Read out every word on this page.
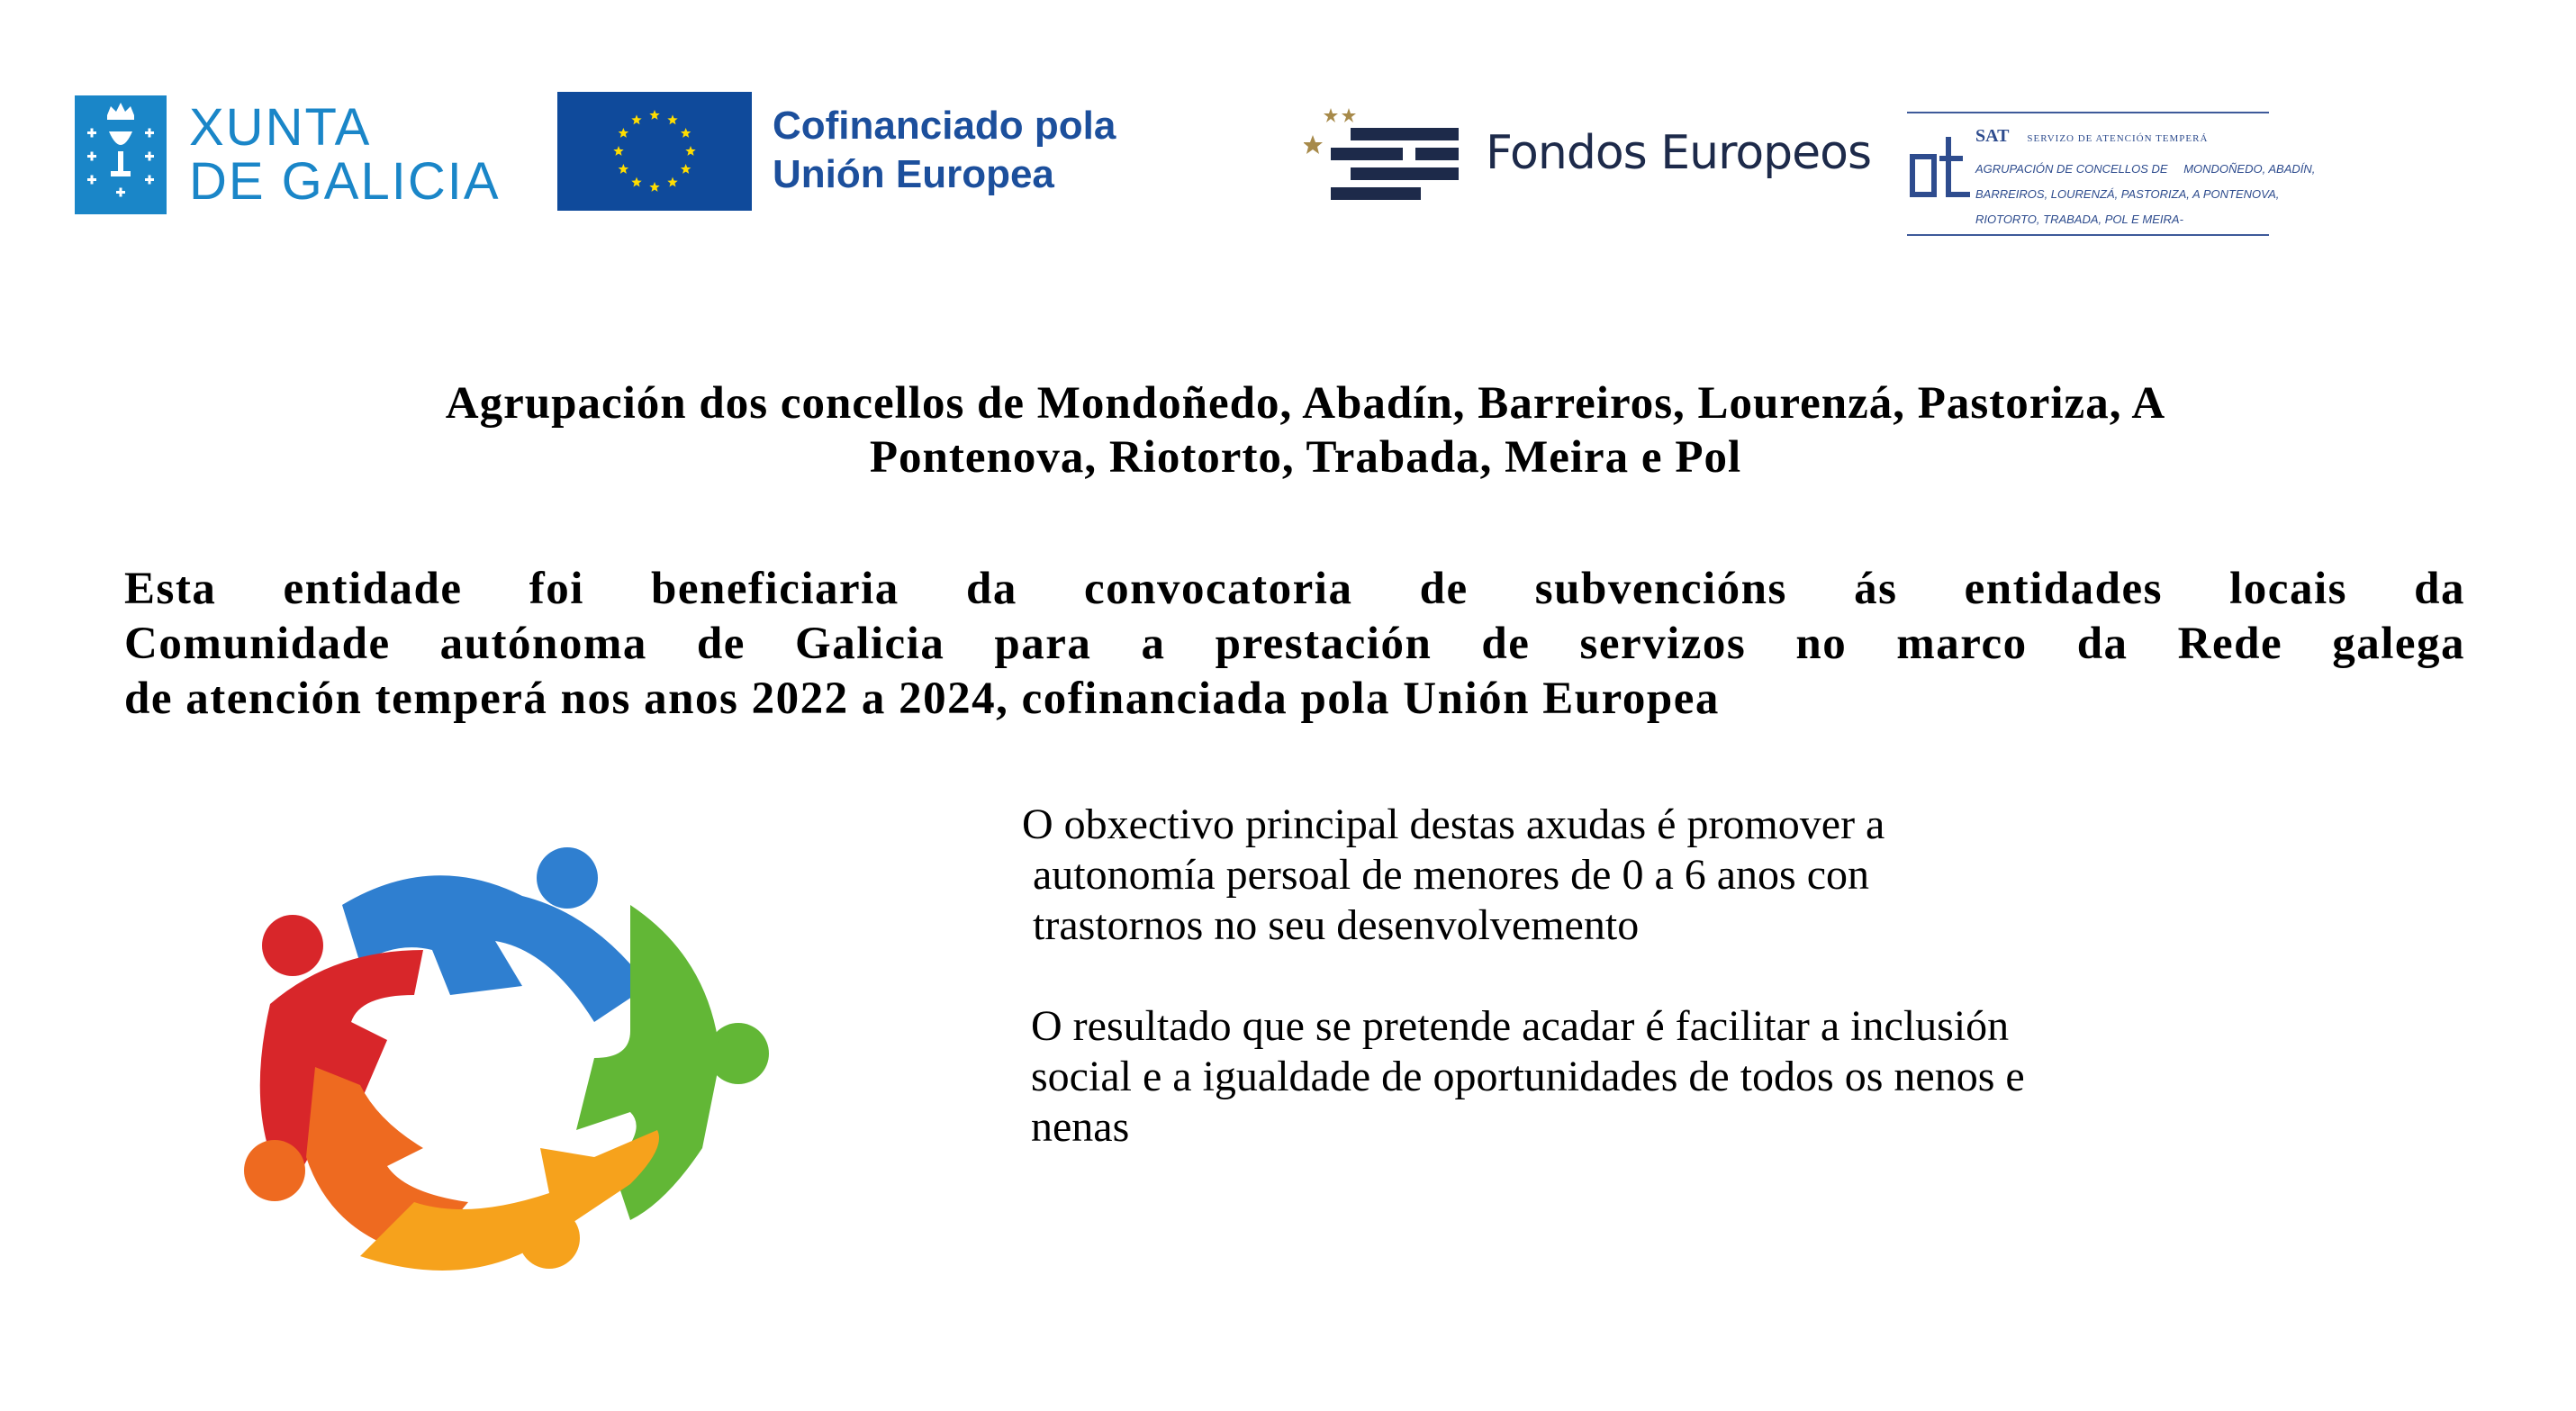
XUNTA
DE GALICIA
Cofinanciado pola
Unión Europea	Fondos Europeos	SAT SERVIZO DE ATENCIÓN TEMPERÁ
AGRUPACIÓN DE CONCELLOS DE MONDOÑEDO, ABADÍN,
BARREIROS, LOURENZÁ, PASTORIZA, A PONTENOVA,
RIOTORTO, TRABADA, POL E MEIRA-
Agrupación dos concellos de Mondoñedo, Abadín, Barreiros, Lourenzá, Pastoriza, A
Pontenova, Riotorto, Trabada, Meira e Pol
Esta entidade foi beneficiaria da convocatoria de subvencións ás entidades locais da
Comunidade autónoma de Galicia para a prestación de servizos no marco da Rede galega
de atención temperá nos anos 2022 a 2024, cofinanciada pola Unión Europea
O obxectivo principal destas axudas é promover a
autonomía persoal de menores de 0 a 6 anos con
trastornos no seu desenvolvemento
O resultado que se pretende acadar é facilitar a inclusión
social e a igualdade de oportunidades de todos os nenos e
nenas
